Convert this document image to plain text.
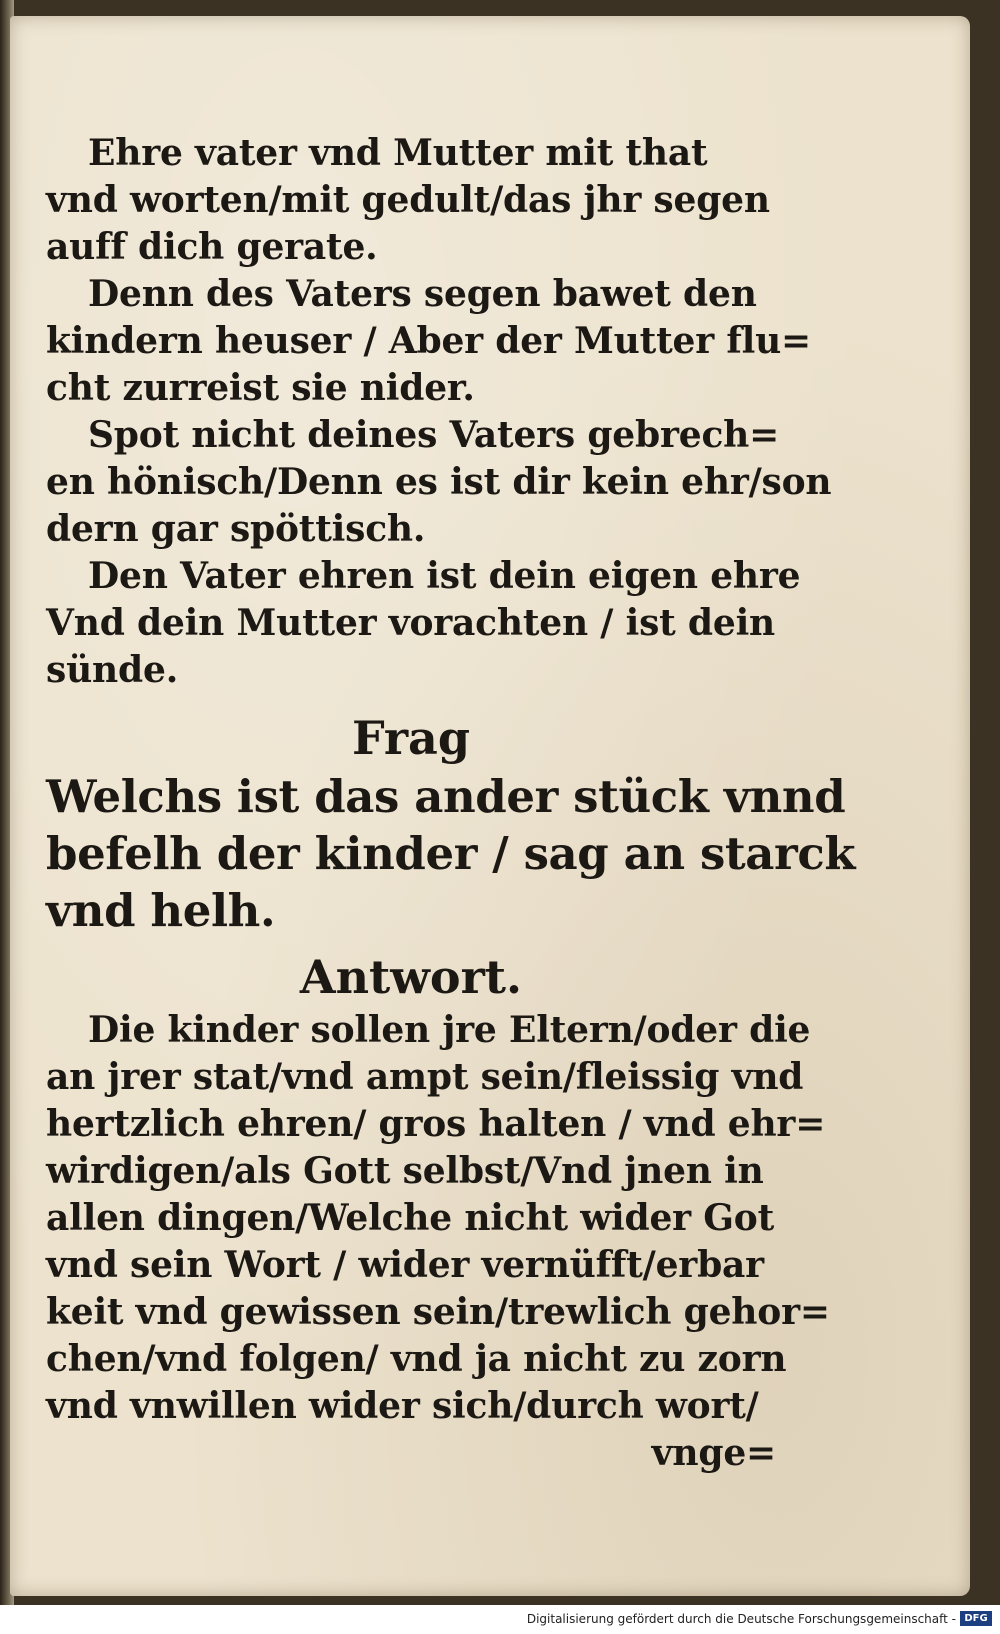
Ehre vater vnd Mutter mit that
vnd worten/mit gedult/das jhr segen
auff dich gerate.
Denn des Vaters segen bawet den
kindern heuser / Aber der Mutter flu=
cht zurreist sie nider.
Spot nicht deines Vaters gebrech=
en hönisch/Denn es ist dir kein ehr/son
dern gar spöttisch.
Den Vater ehren ist dein eigen ehre
Vnd dein Mutter vorachten / ist dein
sünde.
Frag
Welchs ist das ander stück vnnd
befelh der kinder / sag an starck
vnd helh.
Antwort.
Die kinder sollen jre Eltern/oder die
an jrer stat/vnd ampt sein/fleissig vnd
hertzlich ehren/ gros halten / vnd ehr=
wirdigen/als Gott selbst/Vnd jnen in
allen dingen/Welche nicht wider Got
vnd sein Wort / wider vernüfft/erbar
keit vnd gewissen sein/trewlich gehor=
chen/vnd folgen/ vnd ja nicht zu zorn
vnd vnwillen wider sich/durch wort/
vnge=
Digitalisierung gefördert durch die Deutsche Forschungsgemeinschaft - DFG
